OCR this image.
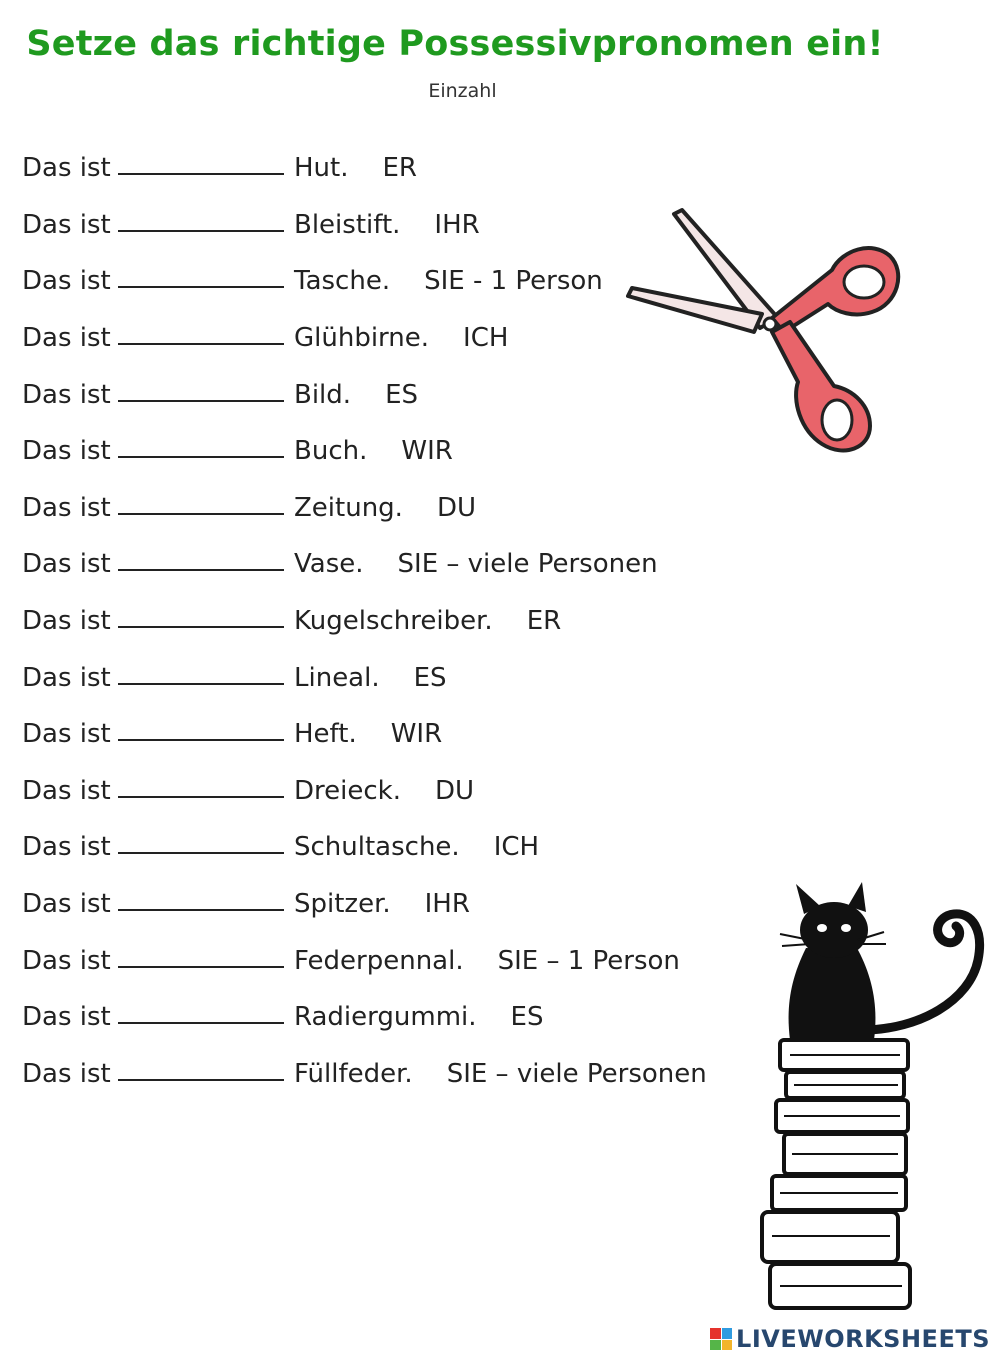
Setze das richtige Possessivpronomen ein!
Einzahl
Das ist	Hut. ER
Das ist	Bleistift. IHR
Das ist	Tasche. SIE - 1 Person
Das ist	Glühbirne. ICH
Das ist	Bild. ES
Das ist	Buch. WIR
Das ist	Zeitung. DU
Das ist	Vase. SIE – viele Personen
Das ist	Kugelschreiber. ER
Das ist	Lineal. ES
Das ist	Heft. WIR
Das ist	Dreieck. DU
Das ist	Schultasche. ICH
Das ist	Spitzer. IHR
Das ist	Federpennal. SIE – 1 Person
Das ist	Radiergummi. ES
Das ist	Füllfeder. SIE – viele Personen
LIVEWORKSHEETS
